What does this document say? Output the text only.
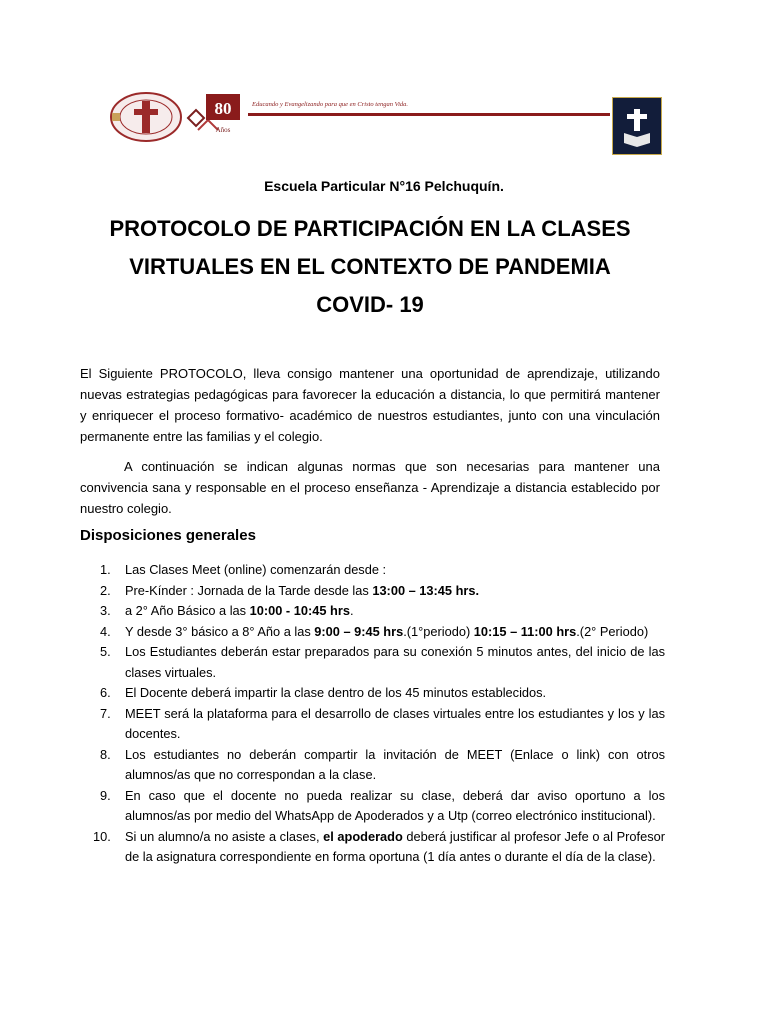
80
Años
Educando y Evangelizando para que en Cristo tengan Vida.
Escuela Particular N°16 Pelchuquín.
PROTOCOLO DE PARTICIPACIÓN EN LA CLASES
VIRTUALES EN EL CONTEXTO DE PANDEMIA
COVID- 19
El Siguiente PROTOCOLO, lleva consigo mantener una oportunidad de aprendizaje, utilizando nuevas estrategias pedagógicas para favorecer la educación a distancia, lo que permitirá mantener y enriquecer el proceso formativo- académico de nuestros estudiantes, junto con una vinculación permanente entre las familias y el colegio.
A continuación se indican algunas normas que son necesarias para mantener una convivencia sana y responsable en el proceso enseñanza - Aprendizaje a distancia establecido por nuestro colegio.
Disposiciones generales
1. Las Clases Meet (online) comenzarán desde :
2. Pre-Kínder : Jornada de la Tarde desde las 13:00 – 13:45 hrs.
3. a 2° Año Básico a las 10:00 - 10:45 hrs.
4. Y desde 3° básico a 8° Año a las 9:00 – 9:45 hrs.(1°periodo) 10:15 – 11:00 hrs.(2° Periodo)
5. Los Estudiantes deberán estar preparados para su conexión 5 minutos antes, del inicio de las clases virtuales.
6. El Docente deberá impartir la clase dentro de los 45 minutos establecidos.
7. MEET será la plataforma para el desarrollo de clases virtuales entre los estudiantes y los y las docentes.
8. Los estudiantes no deberán compartir la invitación de MEET (Enlace o link) con otros alumnos/as que no correspondan a la clase.
9. En caso que el docente no pueda realizar su clase, deberá dar aviso oportuno a los alumnos/as por medio del WhatsApp de Apoderados y a Utp (correo electrónico institucional).
10. Si un alumno/a no asiste a clases, el apoderado deberá justificar al profesor Jefe o al Profesor de la asignatura correspondiente en forma oportuna (1 día antes o durante el día de la clase).
